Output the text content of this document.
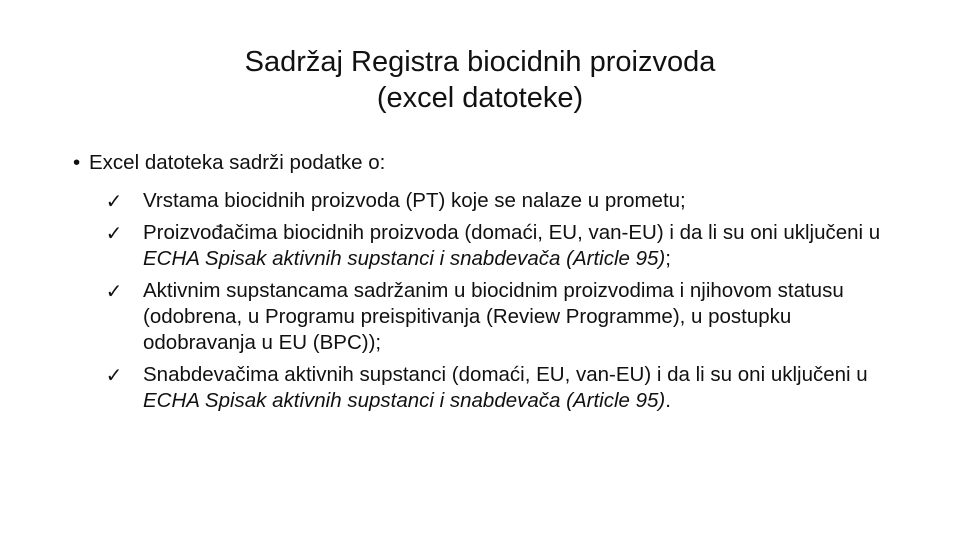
Sadržaj Registra biocidnih proizvoda
(excel datoteke)
• Excel datoteka sadrži podatke o:
✓ Vrstama biocidnih proizvoda (PT) koje se nalaze u prometu;
✓ Proizvođačima biocidnih proizvoda (domaći, EU, van-EU) i da li su oni uključeni u ECHA Spisak aktivnih supstanci i snabdevača (Article 95);
✓ Aktivnim supstancama sadržanim u biocidnim proizvodima i njihovom statusu (odobrena, u Programu preispitivanja (Review Programme), u postupku odobravanja u EU (BPC));
✓ Snabdevačima aktivnih supstanci (domaći, EU, van-EU) i da li su oni uključeni u ECHA Spisak aktivnih supstanci i snabdevača (Article 95).
